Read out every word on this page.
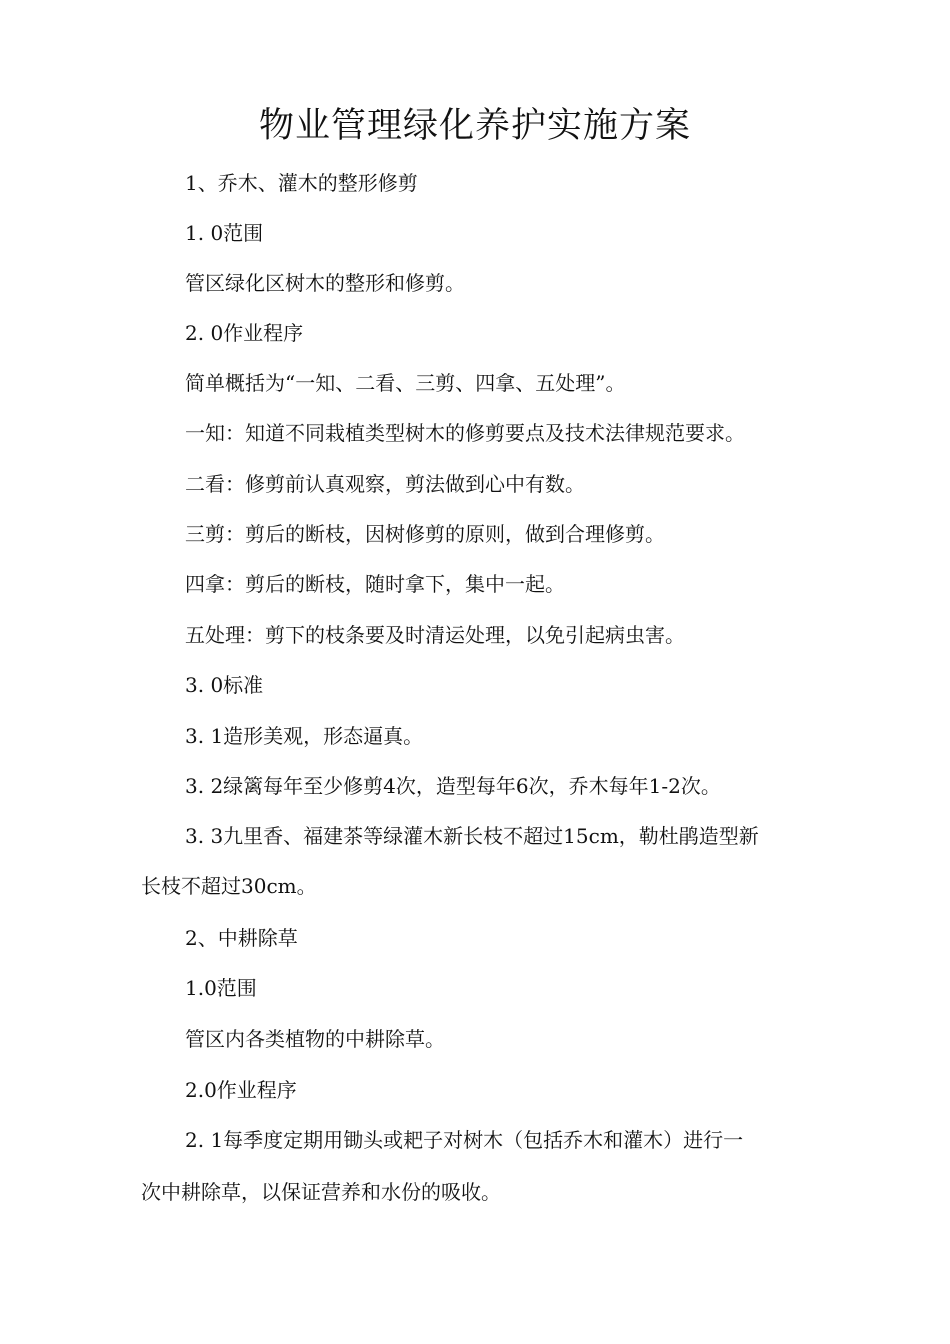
物业管理绿化养护实施方案

1、乔木、灌木的整形修剪

1. 0范围

管区绿化区树木的整形和修剪。

2. 0作业程序

简单概括为“一知、二看、三剪、四拿、五处理”。

一知：知道不同栽植类型树木的修剪要点及技术法律规范要求。

二看：修剪前认真观察，剪法做到心中有数。

三剪：剪后的断枝，因树修剪的原则，做到合理修剪。

四拿：剪后的断枝，随时拿下，集中一起。

五处理：剪下的枝条要及时清运处理，以免引起病虫害。

3. 0标准

3. 1造形美观，形态逼真。

3. 2绿篱每年至少修剪4次，造型每年6次，乔木每年1-2次。

3. 3九里香、福建茶等绿灌木新长枝不超过15cm，勒杜鹃造型新

长枝不超过30cm。

2、中耕除草

1.0范围

管区内各类植物的中耕除草。

2.0作业程序

2. 1每季度定期用锄头或耙子对树木（包括乔木和灌木）进行一

次中耕除草，以保证营养和水份的吸收。
